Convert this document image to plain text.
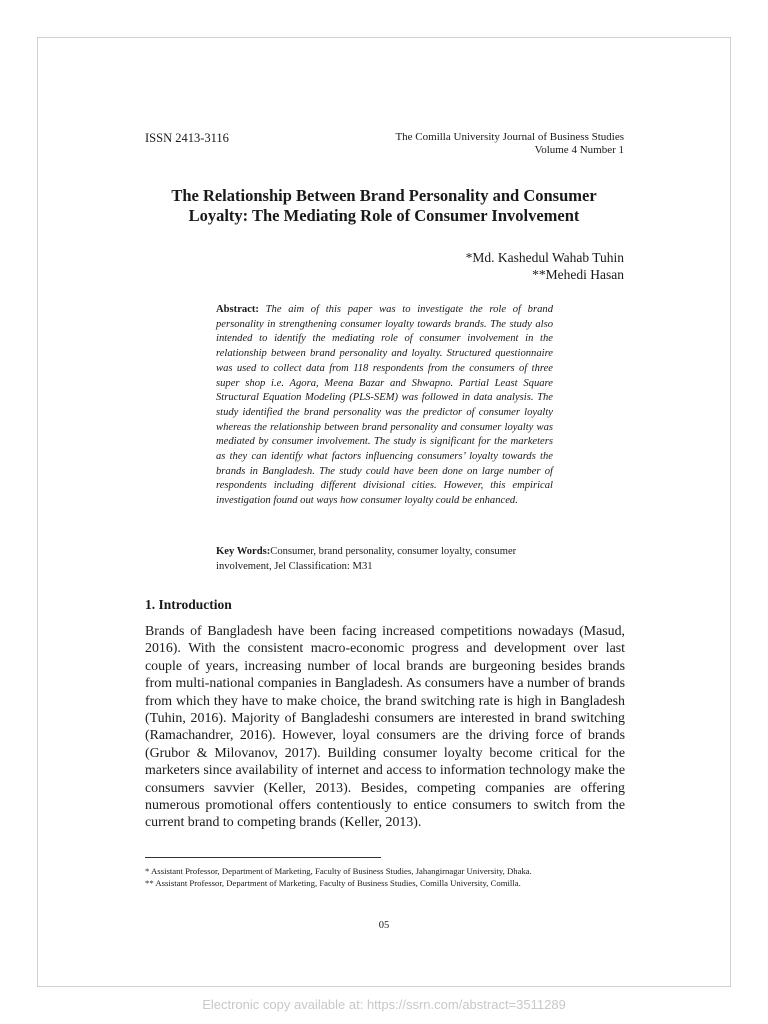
ISSN 2413-3116	The Comilla University Journal of Business Studies
Volume 4 Number 1
The Relationship Between Brand Personality and Consumer
Loyalty: The Mediating Role of Consumer Involvement
*Md. Kashedul Wahab Tuhin
**Mehedi Hasan
Abstract: The aim of this paper was to investigate the role of brand personality in strengthening consumer loyalty towards brands. The study also intended to identify the mediating role of consumer involvement in the relationship between brand personality and loyalty. Structured questionnaire was used to collect data from 118 respondents from the consumers of three super shop i.e. Agora, Meena Bazar and Shwapno. Partial Least Square Structural Equation Modeling (PLS-SEM) was followed in data analysis. The study identified the brand personality was the predictor of consumer loyalty whereas the relationship between brand personality and consumer loyalty was mediated by consumer involvement. The study is significant for the marketers as they can identify what factors influencing consumers’ loyalty towards the brands in Bangladesh. The study could have been done on large number of respondents including different divisional cities. However, this empirical investigation found out ways how consumer loyalty could be enhanced.
Key Words:Consumer, brand personality, consumer loyalty, consumer involvement, Jel Classification: M31
1. Introduction
Brands of Bangladesh have been facing increased competitions nowadays (Masud, 2016). With the consistent macro-economic progress and development over last couple of years, increasing number of local brands are burgeoning besides brands from multi-national companies in Bangladesh. As consumers have a number of brands from which they have to make choice, the brand switching rate is high in Bangladesh (Tuhin, 2016). Majority of Bangladeshi consumers are interested in brand switching (Ramachandrer, 2016). However, loyal consumers are the driving force of brands (Grubor & Milovanov, 2017). Building consumer loyalty become critical for the marketers since availability of internet and access to information technology make the consumers savvier (Keller, 2013). Besides, competing companies are offering numerous promotional offers contentiously to entice consumers to switch from the current brand to competing brands (Keller, 2013).
* Assistant Professor, Department of Marketing, Faculty of Business Studies, Jahangirnagar University, Dhaka.
** Assistant Professor, Department of Marketing, Faculty of Business Studies, Comilla University, Comilla.
05
Electronic copy available at: https://ssrn.com/abstract=3511289
